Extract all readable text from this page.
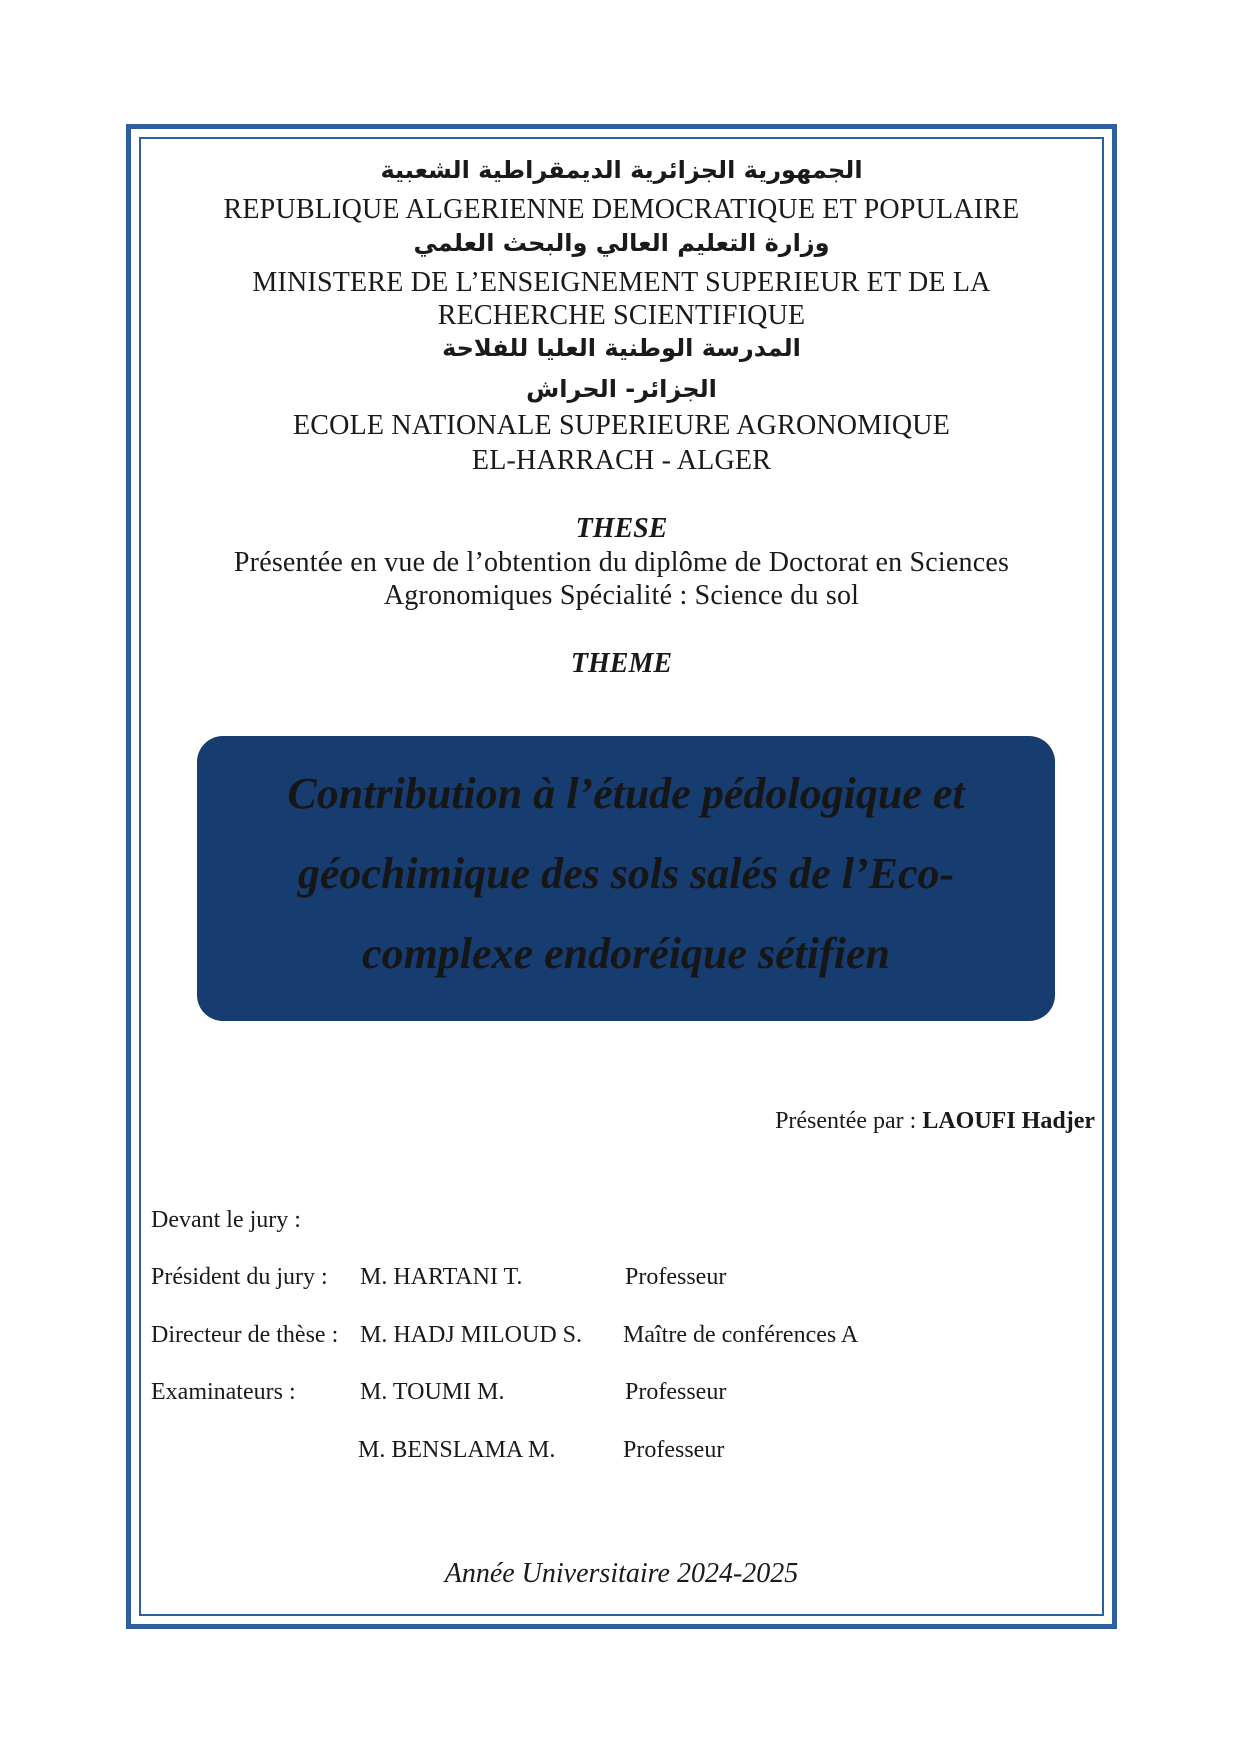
الجمهورية الجزائرية الديمقراطية الشعبية
REPUBLIQUE ALGERIENNE DEMOCRATIQUE ET POPULAIRE
وزارة التعليم العالي والبحث العلمي
MINISTERE DE L’ENSEIGNEMENT SUPERIEUR ET DE LA
RECHERCHE SCIENTIFIQUE
المدرسة الوطنية العليا للفلاحة
الجزائر- الحراش
ECOLE NATIONALE SUPERIEURE AGRONOMIQUE
EL-HARRACH - ALGER
THESE
Présentée en vue de l’obtention du diplôme de Doctorat en Sciences
Agronomiques Spécialité : Science du sol
THEME
Contribution à l’étude pédologique et
géochimique des sols salés de l’Eco-
complexe endoréique sétifien
Présentée par : LAOUFI Hadjer
Devant le jury :
Président du jury : M. HARTANI T.	Professeur
Directeur de thèse : M. HADJ MILOUD S. Maître de conférences A
Examinateurs :	M. TOUMI M.	Professeur
M. BENSLAMA M.	Professeur
Année Universitaire 2024-2025
